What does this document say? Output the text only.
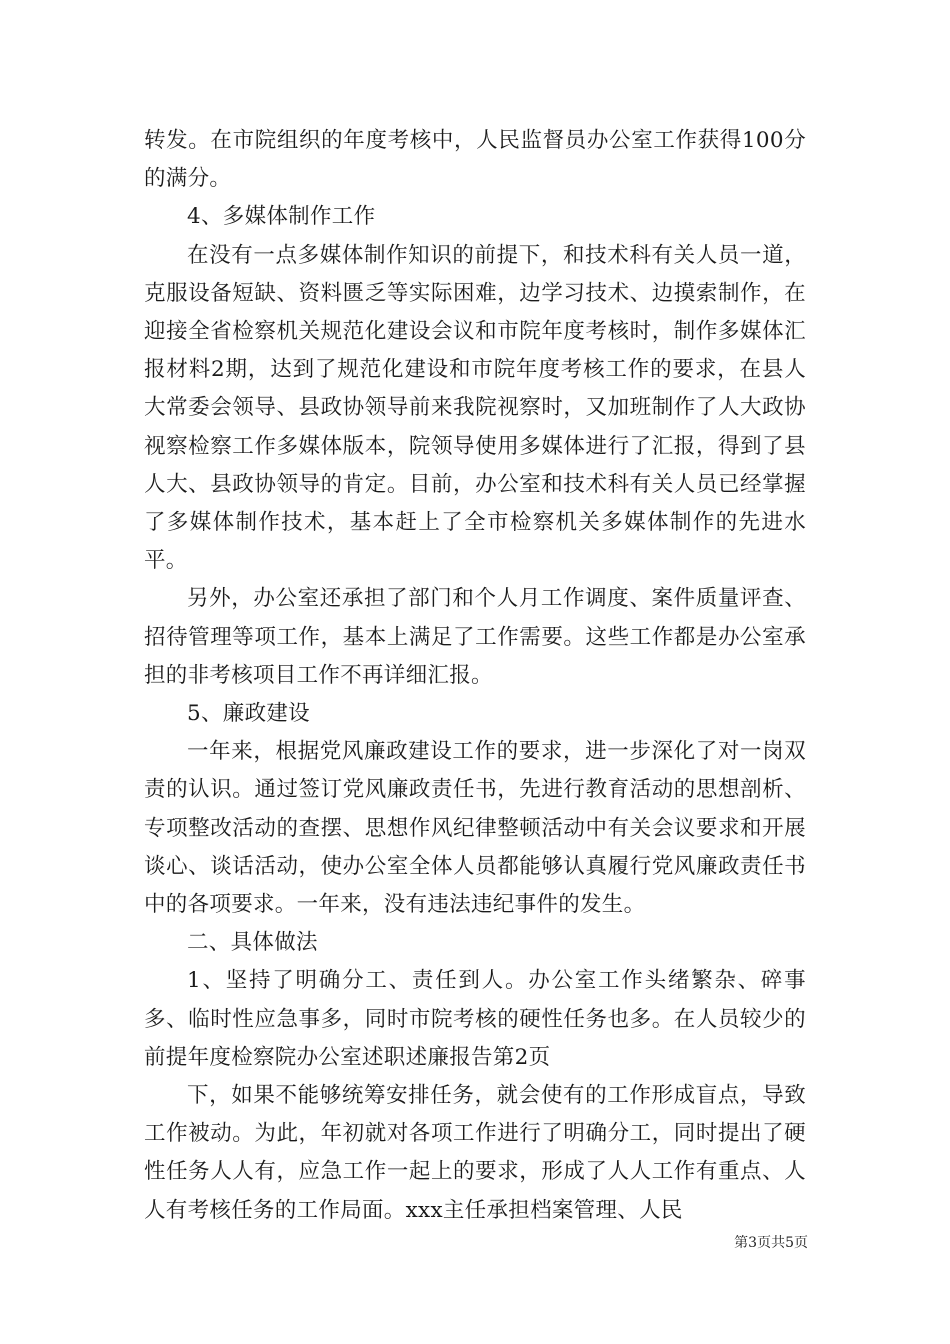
转发。在市院组织的年度考核中，人民监督员办公室工作获得100分的满分。

4、多媒体制作工作

在没有一点多媒体制作知识的前提下，和技术科有关人员一道，克服设备短缺、资料匮乏等实际困难，边学习技术、边摸索制作，在迎接全省检察机关规范化建设会议和市院年度考核时，制作多媒体汇报材料2期，达到了规范化建设和市院年度考核工作的要求，在县人大常委会领导、县政协领导前来我院视察时，又加班制作了人大政协视察检察工作多媒体版本，院领导使用多媒体进行了汇报，得到了县人大、县政协领导的肯定。目前，办公室和技术科有关人员已经掌握了多媒体制作技术，基本赶上了全市检察机关多媒体制作的先进水平。

另外，办公室还承担了部门和个人月工作调度、案件质量评查、招待管理等项工作，基本上满足了工作需要。这些工作都是办公室承担的非考核项目工作不再详细汇报。

5、廉政建设

一年来，根据党风廉政建设工作的要求，进一步深化了对一岗双责的认识。通过签订党风廉政责任书，先进行教育活动的思想剖析、专项整改活动的查摆、思想作风纪律整顿活动中有关会议要求和开展谈心、谈话活动，使办公室全体人员都能够认真履行党风廉政责任书中的各项要求。一年来，没有违法违纪事件的发生。

二、具体做法

1、坚持了明确分工、责任到人。办公室工作头绪繁杂、碎事多、临时性应急事多，同时市院考核的硬性任务也多。在人员较少的前提年度检察院办公室述职述廉报告第2页

下，如果不能够统筹安排任务，就会使有的工作形成盲点，导致工作被动。为此，年初就对各项工作进行了明确分工，同时提出了硬性任务人人有，应急工作一起上的要求，形成了人人工作有重点、人人有考核任务的工作局面。xxx主任承担档案管理、人民

第3页共5页
